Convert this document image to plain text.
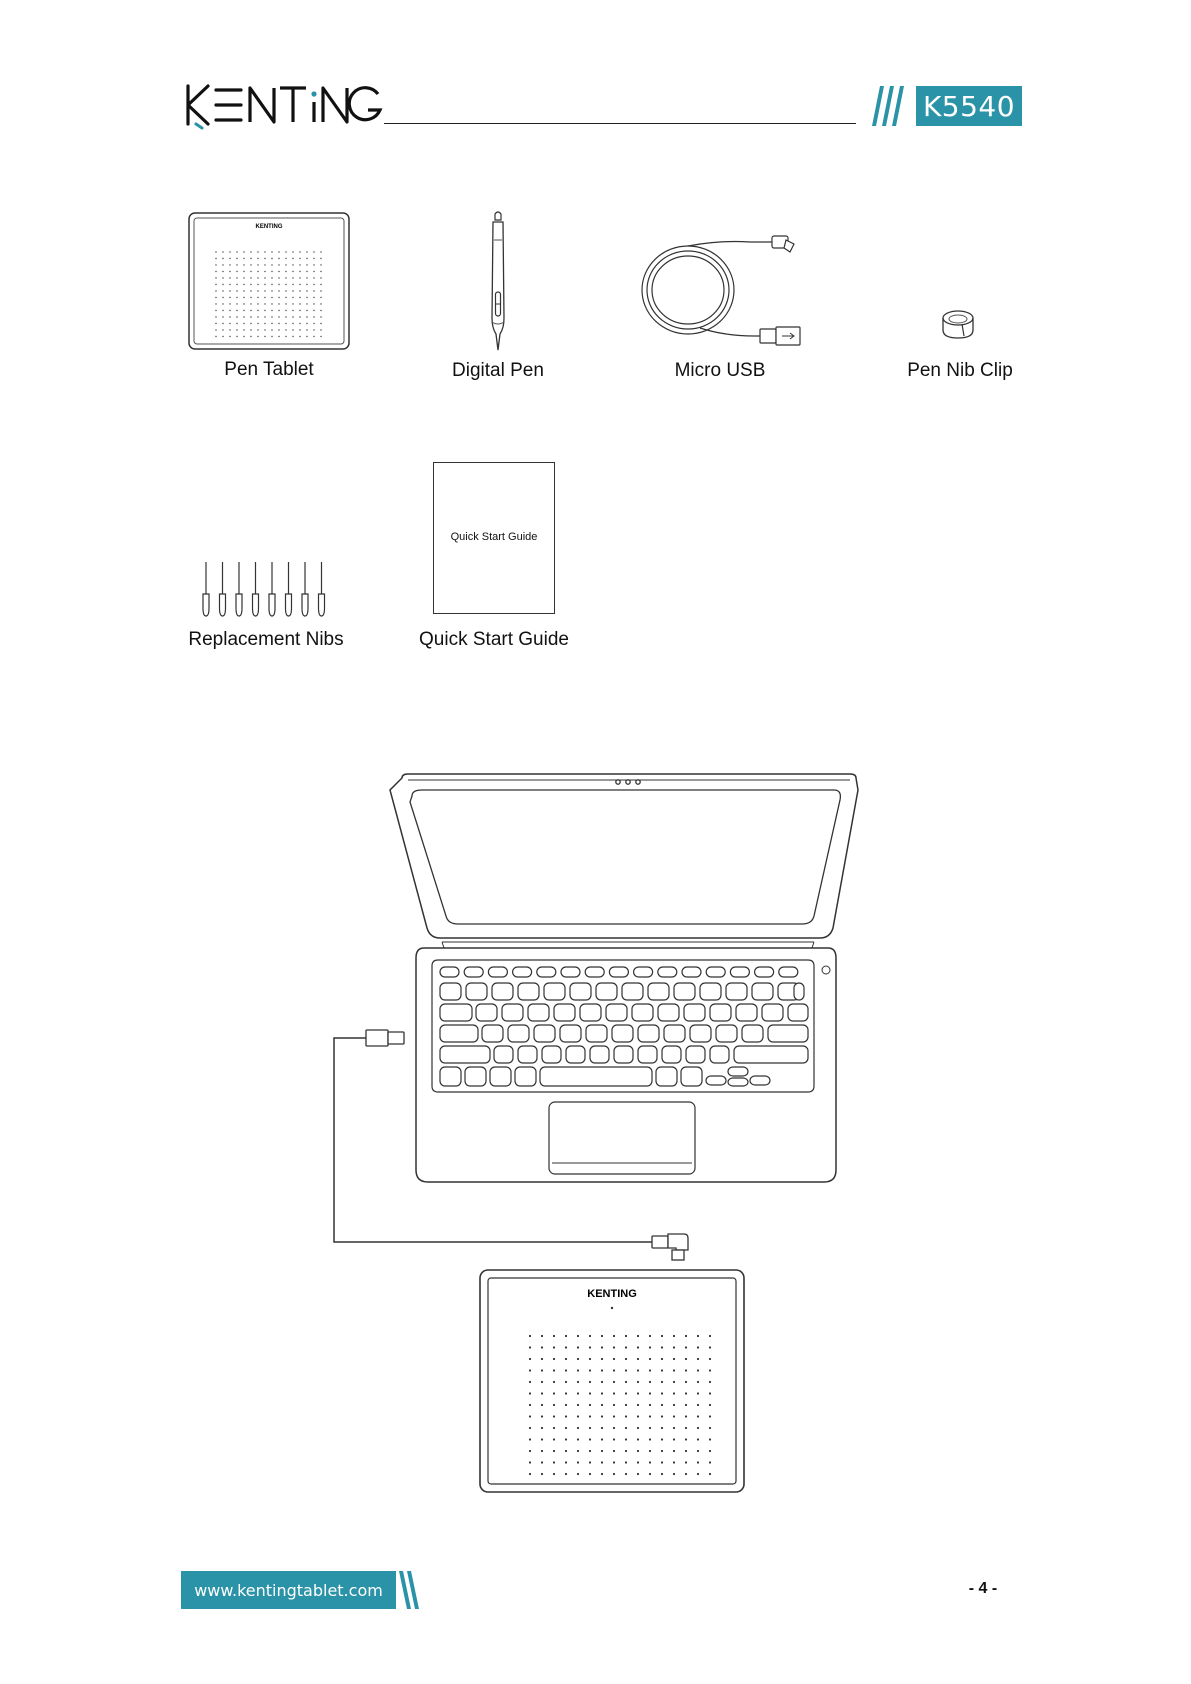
K5540
KENTING
Pen Tablet	Digital Pen	Micro USB	Pen Nib Clip
Replacement Nibs
Quick Start Guide
Quick Start Guide
KENTING
www.kentingtablet.com	- 4 -
